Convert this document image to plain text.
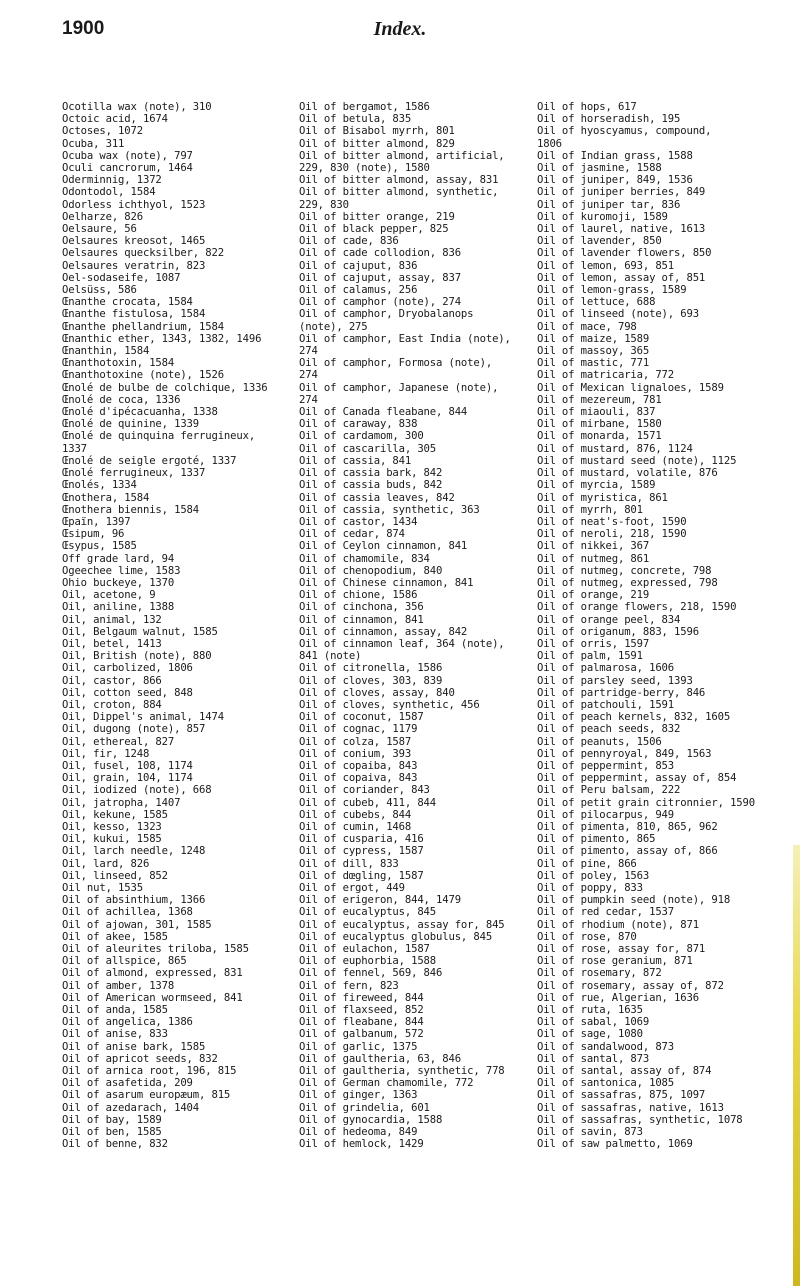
1900	Index.
Ocotilla wax (note), 310
Octoic acid, 1674
Octoses, 1072
Ocuba, 311
Ocuba wax (note), 797
Oculi cancrorum, 1464
Oderminnig, 1372
Odontodol, 1584
Odorless ichthyol, 1523
Oelharze, 826
Oelsaure, 56
Oelsaures kreosot, 1465
Oelsaures quecksilber, 822
Oelsaures veratrin, 823
Oel-sodaseife, 1087
Oelsüss, 586
Œnanthe crocata, 1584
Œnanthe fistulosa, 1584
Œnanthe phellandrium, 1584
Œnanthic ether, 1343, 1382, 1496
Œnanthin, 1584
Œnanthotoxin, 1584
Œnanthotoxine (note), 1526
Œnolé de bulbe de colchique, 1336
Œnolé de coca, 1336
Œnolé d'ipécacuanha, 1338
Œnolé de quinine, 1339
Œnolé de quinquina ferrugineux,
1337
Œnolé de seigle ergoté, 1337
Œnolé ferrugineux, 1337
Œnolés, 1334
Œnothera, 1584
Œnothera biennis, 1584
Œpaïn, 1397
Œsipum, 96
Œsypus, 1585
Off grade lard, 94
Ogeechee lime, 1583
Ohio buckeye, 1370
Oil, acetone, 9
Oil, aniline, 1388
Oil, animal, 132
Oil, Belgaum walnut, 1585
Oil, betel, 1413
Oil, British (note), 880
Oil, carbolized, 1806
Oil, castor, 866
Oil, cotton seed, 848
Oil, croton, 884
Oil, Dippel's animal, 1474
Oil, dugong (note), 857
Oil, ethereal, 827
Oil, fir, 1248
Oil, fusel, 108, 1174
Oil, grain, 104, 1174
Oil, iodized (note), 668
Oil, jatropha, 1407
Oil, kekune, 1585
Oil, kesso, 1323
Oil, kukui, 1585
Oil, larch needle, 1248
Oil, lard, 826
Oil, linseed, 852
Oil nut, 1535
Oil of absinthium, 1366
Oil of achillea, 1368
Oil of ajowan, 301, 1585
Oil of akee, 1585
Oil of aleurites triloba, 1585
Oil of allspice, 865
Oil of almond, expressed, 831
Oil of amber, 1378
Oil of American wormseed, 841
Oil of anda, 1585
Oil of angelica, 1386
Oil of anise, 833
Oil of anise bark, 1585
Oil of apricot seeds, 832
Oil of arnica root, 196, 815
Oil of asafetida, 209
Oil of asarum europæum, 815
Oil of azedarach, 1404
Oil of bay, 1589
Oil of ben, 1585
Oil of benne, 832
Oil of bergamot, 1586
Oil of betula, 835
Oil of Bisabol myrrh, 801
Oil of bitter almond, 829
Oil of bitter almond, artificial,
229, 830 (note), 1580
Oil of bitter almond, assay, 831
Oil of bitter almond, synthetic,
229, 830
Oil of bitter orange, 219
Oil of black pepper, 825
Oil of cade, 836
Oil of cade collodion, 836
Oil of cajuput, 836
Oil of cajuput, assay, 837
Oil of calamus, 256
Oil of camphor (note), 274
Oil of camphor, Dryobalanops
(note), 275
Oil of camphor, East India (note),
274
Oil of camphor, Formosa (note),
274
Oil of camphor, Japanese (note),
274
Oil of Canada fleabane, 844
Oil of caraway, 838
Oil of cardamom, 300
Oil of cascarilla, 305
Oil of cassia, 841
Oil of cassia bark, 842
Oil of cassia buds, 842
Oil of cassia leaves, 842
Oil of cassia, synthetic, 363
Oil of castor, 1434
Oil of cedar, 874
Oil of Ceylon cinnamon, 841
Oil of chamomile, 834
Oil of chenopodium, 840
Oil of Chinese cinnamon, 841
Oil of chione, 1586
Oil of cinchona, 356
Oil of cinnamon, 841
Oil of cinnamon, assay, 842
Oil of cinnamon leaf, 364 (note),
841 (note)
Oil of citronella, 1586
Oil of cloves, 303, 839
Oil of cloves, assay, 840
Oil of cloves, synthetic, 456
Oil of coconut, 1587
Oil of cognac, 1179
Oil of colza, 1587
Oil of conium, 393
Oil of copaiba, 843
Oil of copaiva, 843
Oil of coriander, 843
Oil of cubeb, 411, 844
Oil of cubebs, 844
Oil of cumin, 1468
Oil of cusparia, 416
Oil of cypress, 1587
Oil of dill, 833
Oil of dœgling, 1587
Oil of ergot, 449
Oil of erigeron, 844, 1479
Oil of eucalyptus, 845
Oil of eucalyptus, assay for, 845
Oil of eucalyptus globulus, 845
Oil of eulachon, 1587
Oil of euphorbia, 1588
Oil of fennel, 569, 846
Oil of fern, 823
Oil of fireweed, 844
Oil of flaxseed, 852
Oil of fleabane, 844
Oil of galbanum, 572
Oil of garlic, 1375
Oil of gaultheria, 63, 846
Oil of gaultheria, synthetic, 778
Oil of German chamomile, 772
Oil of ginger, 1363
Oil of grindelia, 601
Oil of gynocardia, 1588
Oil of hedeoma, 849
Oil of hemlock, 1429
Oil of hops, 617
Oil of horseradish, 195
Oil of hyoscyamus, compound,
1806
Oil of Indian grass, 1588
Oil of jasmine, 1588
Oil of juniper, 849, 1536
Oil of juniper berries, 849
Oil of juniper tar, 836
Oil of kuromoji, 1589
Oil of laurel, native, 1613
Oil of lavender, 850
Oil of lavender flowers, 850
Oil of lemon, 693, 851
Oil of lemon, assay of, 851
Oil of lemon-grass, 1589
Oil of lettuce, 688
Oil of linseed (note), 693
Oil of mace, 798
Oil of maize, 1589
Oil of massoy, 365
Oil of mastic, 771
Oil of matricaria, 772
Oil of Mexican lignaloes, 1589
Oil of mezereum, 781
Oil of miaouli, 837
Oil of mirbane, 1580
Oil of monarda, 1571
Oil of mustard, 876, 1124
Oil of mustard seed (note), 1125
Oil of mustard, volatile, 876
Oil of myrcia, 1589
Oil of myristica, 861
Oil of myrrh, 801
Oil of neat's-foot, 1590
Oil of neroli, 218, 1590
Oil of nikkei, 367
Oil of nutmeg, 861
Oil of nutmeg, concrete, 798
Oil of nutmeg, expressed, 798
Oil of orange, 219
Oil of orange flowers, 218, 1590
Oil of orange peel, 834
Oil of origanum, 883, 1596
Oil of orris, 1597
Oil of palm, 1591
Oil of palmarosa, 1606
Oil of parsley seed, 1393
Oil of partridge-berry, 846
Oil of patchouli, 1591
Oil of peach kernels, 832, 1605
Oil of peach seeds, 832
Oil of peanuts, 1506
Oil of pennyroyal, 849, 1563
Oil of peppermint, 853
Oil of peppermint, assay of, 854
Oil of Peru balsam, 222
Oil of petit grain citronnier, 1590
Oil of pilocarpus, 949
Oil of pimenta, 810, 865, 962
Oil of pimento, 865
Oil of pimento, assay of, 866
Oil of pine, 866
Oil of poley, 1563
Oil of poppy, 833
Oil of pumpkin seed (note), 918
Oil of red cedar, 1537
Oil of rhodium (note), 871
Oil of rose, 870
Oil of rose, assay for, 871
Oil of rose geranium, 871
Oil of rosemary, 872
Oil of rosemary, assay of, 872
Oil of rue, Algerian, 1636
Oil of ruta, 1635
Oil of sabal, 1069
Oil of sage, 1080
Oil of sandalwood, 873
Oil of santal, 873
Oil of santal, assay of, 874
Oil of santonica, 1085
Oil of sassafras, 875, 1097
Oil of sassafras, native, 1613
Oil of sassafras, synthetic, 1078
Oil of savin, 873
Oil of saw palmetto, 1069
